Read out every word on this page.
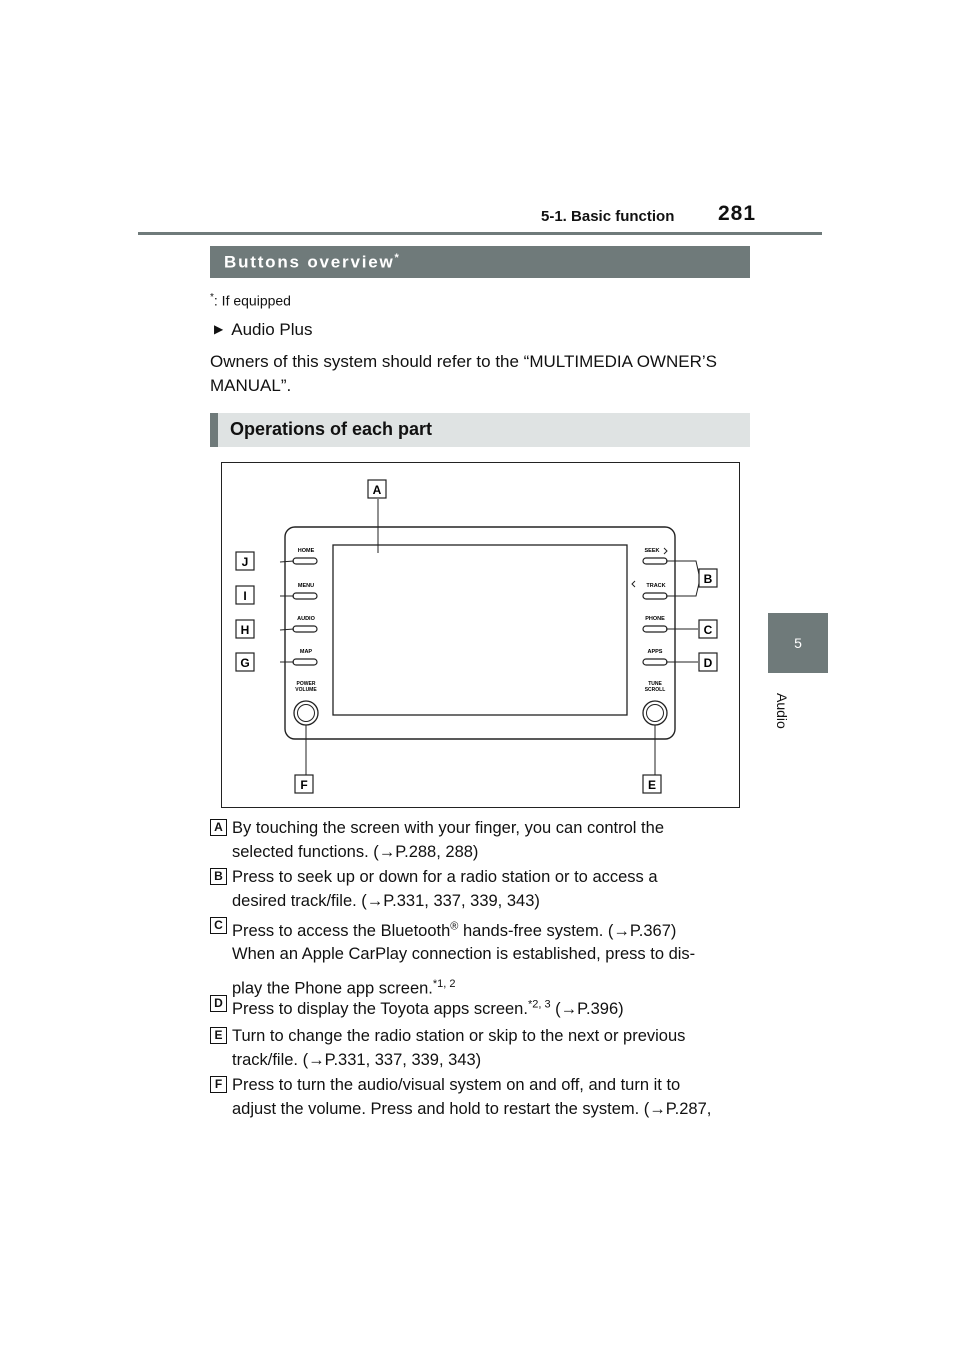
5-1. Basic function 281
5
Audio
Buttons overview*
*: If equipped
▶ Audio Plus
Owners of this system should refer to the “MULTIMEDIA OWNER’S MANUAL”.
Operations of each part
HOME
MENU
AUDIO
MAP
POWER
VOLUME
SEEK
TRACK
PHONE
APPS
TUNE
SCROLL
A
B
C
D
E
F
G
H
I
J
A By touching the screen with your finger, you can control the
selected functions. (→P.288, 288)
B Press to seek up or down for a radio station or to access a
desired track/file. (→P.331, 337, 339, 343)
C Press to access the Bluetooth® hands-free system. (→P.367)
When an Apple CarPlay connection is established, press to dis-
play the Phone app screen.$^{*1, 2}$
D Press to display the Toyota apps screen.$^{*2, 3}$ (→P.396)
E Turn to change the radio station or skip to the next or previous
track/file. (→P.331, 337, 339, 343)
F Press to turn the audio/visual system on and off, and turn it to
adjust the volume. Press and hold to restart the system. (→P.287,
